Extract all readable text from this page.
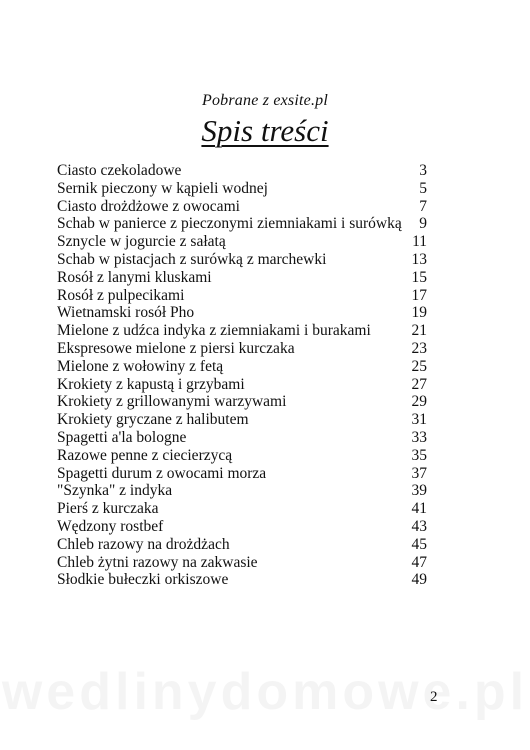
Pobrane z exsite.pl
Spis treści
Ciasto czekoladowe	3
Sernik pieczony w kąpieli wodnej	5
Ciasto drożdżowe z owocami	7
Schab w panierce z pieczonymi ziemniakami i surówką	9
Sznycle w jogurcie z sałatą	11
Schab w pistacjach z surówką z marchewki	13
Rosół z lanymi kluskami	15
Rosół z pulpecikami	17
Wietnamski rosół Pho	19
Mielone z udźca indyka z ziemniakami i burakami	21
Ekspresowe mielone z piersi kurczaka	23
Mielone z wołowiny z fetą	25
Krokiety z kapustą i grzybami	27
Krokiety z grillowanymi warzywami	29
Krokiety gryczane z halibutem	31
Spagetti a'la bologne	33
Razowe penne z ciecierzycą	35
Spagetti durum z owocami morza	37
"Szynka" z indyka	39
Pierś z kurczaka	41
Wędzony rostbef	43
Chleb razowy na drożdżach	45
Chleb żytni razowy na zakwasie	47
Słodkie bułeczki orkiszowe	49
2
